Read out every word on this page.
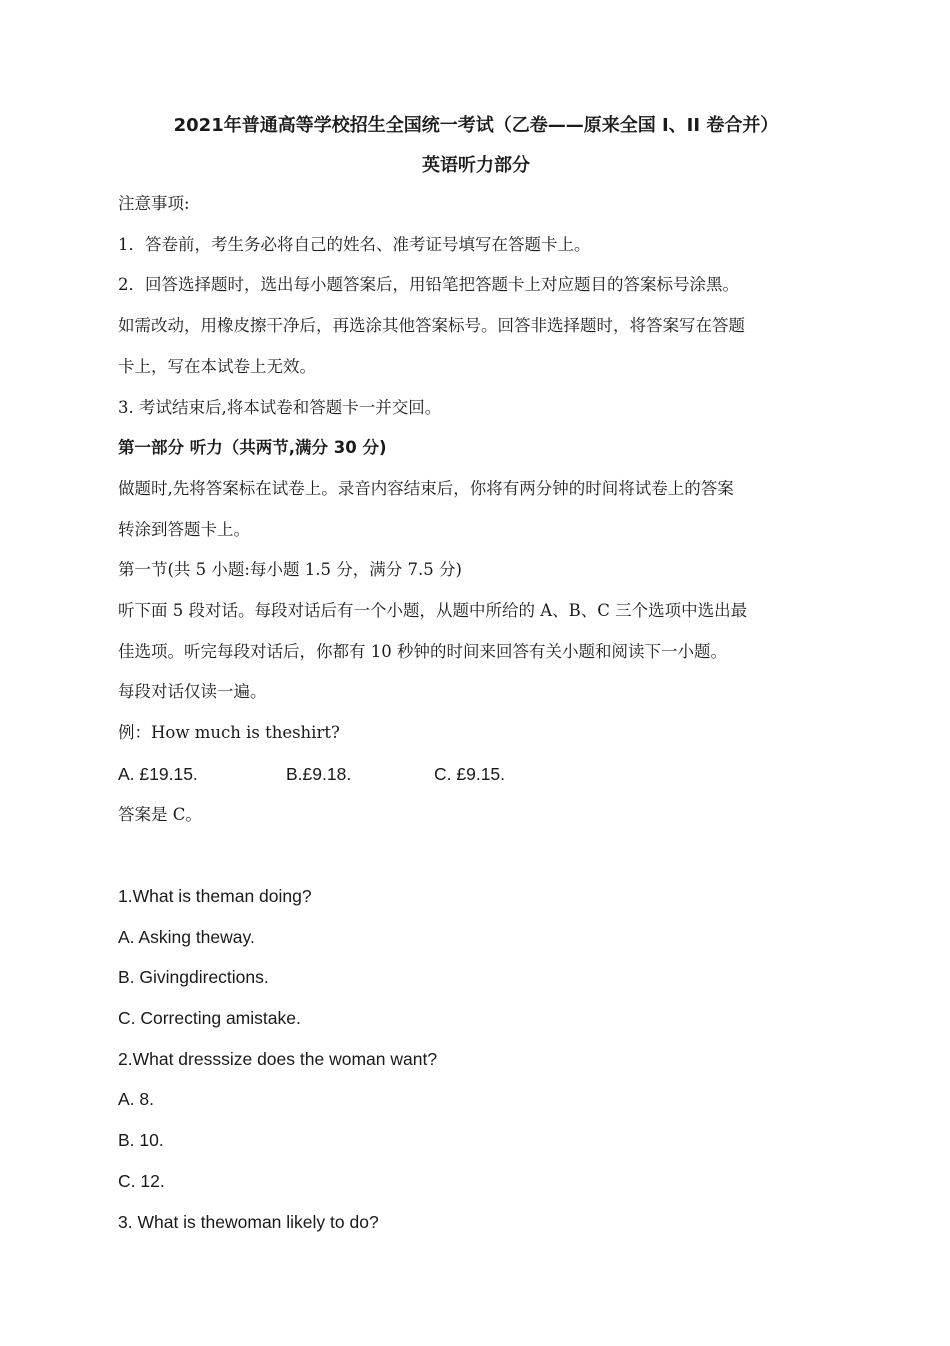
2021年普通高等学校招生全国统一考试（乙卷——原来全国 I、II 卷合并）

英语听力部分

注意事项:

1．答卷前，考生务必将自己的姓名、准考证号填写在答题卡上。

2．回答选择题时，选出每小题答案后，用铅笔把答题卡上对应题目的答案标号涂黑。

如需改动，用橡皮擦干净后，再选涂其他答案标号。回答非选择题时，将答案写在答题

卡上，写在本试卷上无效。

3. 考试结束后,将本试卷和答题卡一并交回。

第一部分 听力（共两节,满分 30 分)

做题时,先将答案标在试卷上。录音内容结束后，你将有两分钟的时间将试卷上的答案

转涂到答题卡上。

第一节(共 5 小题:每小题 1.5 分，满分 7.5 分)

听下面 5 段对话。每段对话后有一个小题，从题中所给的 A、B、C 三个选项中选出最

佳选项。听完每段对话后，你都有 10 秒钟的时间来回答有关小题和阅读下一小题。

每段对话仅读一遍。

例：How much is theshirt?

A. £19.15.	B.£9.18.	C. £9.15.

答案是 C。

1.What is theman doing?

A. Asking theway.

B. Givingdirections.

C. Correcting amistake.

2.What dresssize does the woman want?

A. 8.

B. 10.

C. 12.

3. What is thewoman likely to do?
